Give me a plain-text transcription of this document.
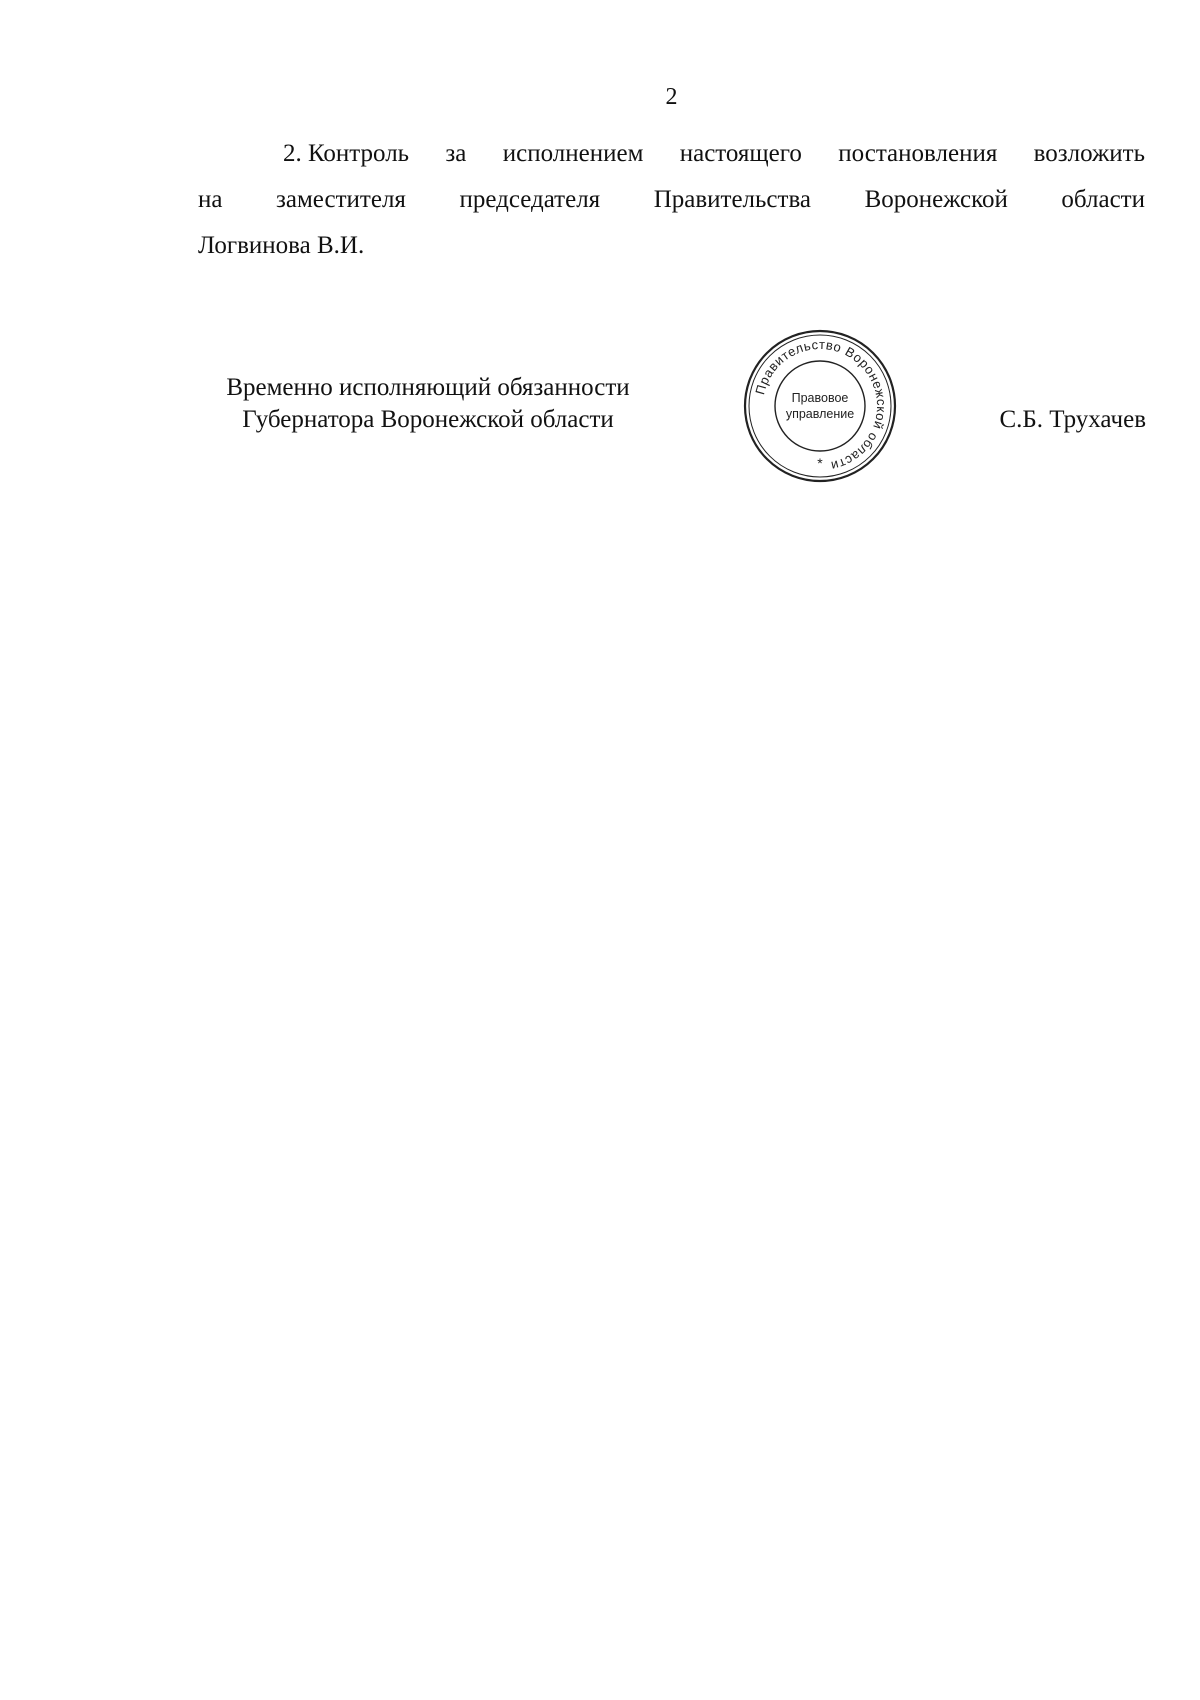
2
2. Контроль за исполнением настоящего постановления возложить
на заместителя председателя Правительства Воронежской области
Логвинова В.И.
Временно исполняющий обязанности
Губернатора Воронежской области
Правительство Воронежской области
Правовое
управление
*
С.Б. Трухачев
